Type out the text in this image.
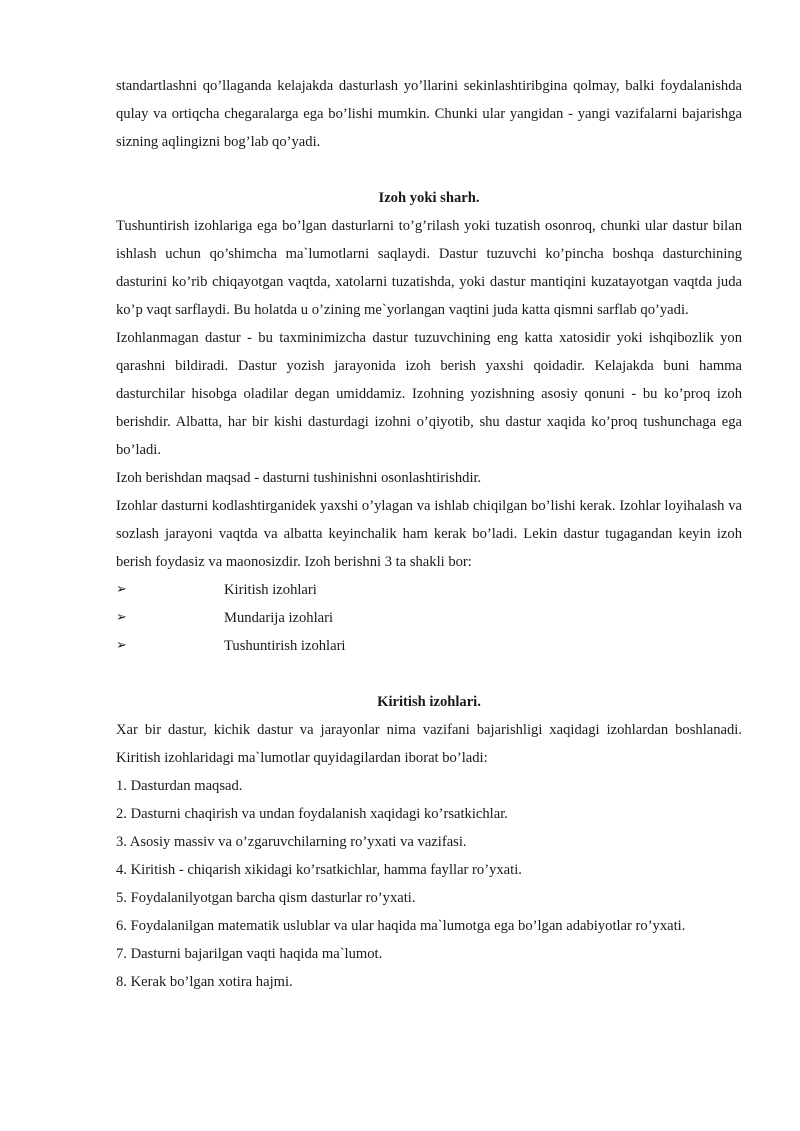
standartlashni qo’llaganda kelajakda dasturlash yo’llarini sekinlashtiribgina qolmay, balki foydalanishda qulay va ortiqcha chegaralarga ega bo’lishi mumkin. Chunki ular yangidan - yangi vazifalarni bajarishga sizning aqlingizni bog’lab qo’yadi.

Izoh yoki sharh.

Tushuntirish izohlariga ega bo’lgan dasturlarni to’g’rilash yoki tuzatish osonroq, chunki ular dastur bilan ishlash uchun qo’shimcha ma`lumotlarni saqlaydi. Dastur tuzuvchi ko’pincha boshqa dasturchining dasturini ko’rib chiqayotgan vaqtda, xatolarni tuzatishda, yoki dastur mantiqini kuzatayotgan vaqtda juda ko’p vaqt sarflaydi. Bu holatda u o’zining me`yorlangan vaqtini juda katta qismni sarflab qo’yadi.

Izohlanmagan dastur - bu taxminimizcha dastur tuzuvchining eng katta xatosidir yoki ishqibozlik yon qarashni bildiradi. Dastur yozish jarayonida izoh berish yaxshi qoidadir. Kelajakda buni hamma dasturchilar hisobga oladilar degan umiddamiz. Izohning yozishning asosiy qonuni - bu ko’proq izoh berishdir. Albatta, har bir kishi dasturdagi izohni o’qiyotib, shu dastur xaqida ko’proq tushunchaga ega bo’ladi.

Izoh berishdan maqsad - dasturni tushinishni osonlashtirishdir.

Izohlar dasturni kodlashtirganidek yaxshi o’ylagan va ishlab chiqilgan bo’lishi kerak. Izohlar loyihalash va sozlash jarayoni vaqtda va albatta keyinchalik ham kerak bo’ladi. Lekin dastur tugagandan keyin izoh berish foydasiz va maonosizdir. Izoh berishni 3 ta shakli bor:

➢	Kiritish izohlari
➢	Mundarija izohlari
➢	Tushuntirish izohlari

Kiritish izohlari.

Xar bir dastur, kichik dastur va jarayonlar nima vazifani bajarishligi xaqidagi izohlardan boshlanadi. Kiritish izohlaridagi ma`lumotlar quyidagilardan iborat bo’ladi:

1. Dasturdan maqsad.

2. Dasturni chaqirish va undan foydalanish xaqidagi ko’rsatkichlar.

3. Asosiy massiv va o’zgaruvchilarning ro’yxati va vazifasi.

4. Kiritish - chiqarish xikidagi ko’rsatkichlar, hamma fayllar ro’yxati.

5. Foydalanilyotgan barcha qism dasturlar ro’yxati.

6. Foydalanilgan matematik uslublar va ular haqida ma`lumotga ega bo’lgan adabiyotlar ro’yxati.

7. Dasturni bajarilgan vaqti haqida ma`lumot.

8. Kerak bo’lgan xotira hajmi.
